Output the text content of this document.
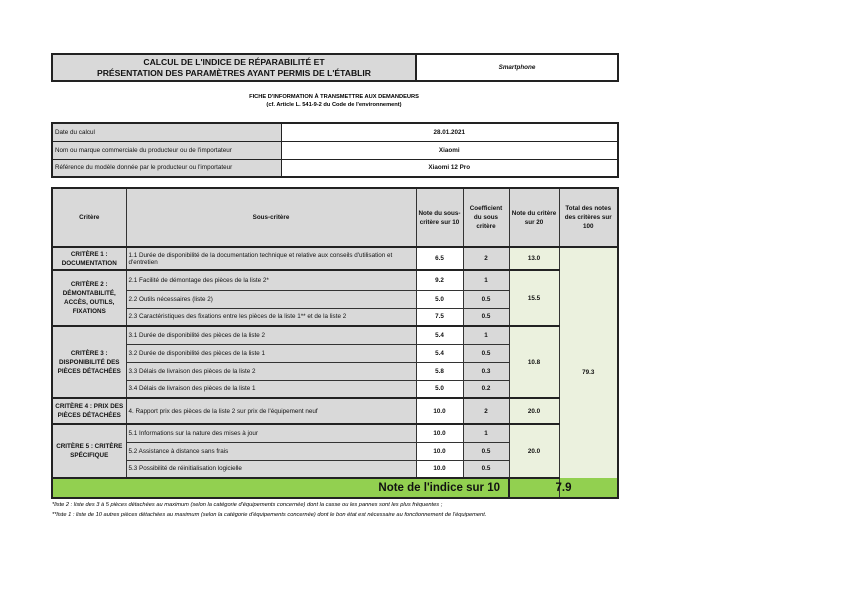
CALCUL DE L'INDICE DE RÉPARABILITÉ ET
PRÉSENTATION DES PARAMÈTRES AYANT PERMIS DE L'ÉTABLIR	Smartphone
FICHE D'INFORMATION À TRANSMETTRE AUX DEMANDEURS
(cf. Article L. 541-9-2 du Code de l'environnement)
Date du calcul	28.01.2021
Nom ou marque commerciale du producteur ou de l'importateur	Xiaomi
Référence du modèle donnée par le producteur ou l'importateur	Xiaomi 12 Pro
Critère	Sous-critère	Note du sous-critère sur 10	Coefficient du sous critère	Note du critère sur 20	Total des notes des critères sur 100
CRITÈRE 1 : DOCUMENTATION	1.1 Durée de disponibilité de la documentation technique et relative aux conseils d'utilisation et d'entretien	6.5	2	13.0	79.3
CRITÈRE 2 : DÉMONTABILITÉ, ACCÈS, OUTILS, FIXATIONS	2.1 Facilité de démontage des pièces de la liste 2*	9.2	1	15.5	
	2.2 Outils nécessaires (liste 2)	5.0	0.5		
	2.3 Caractéristiques des fixations entre les pièces de la liste 1** et de la liste 2	7.5	0.5		
CRITÈRE 3 : DISPONIBILITÉ DES PIÈCES DÉTACHÉES	3.1 Durée de disponibilité des pièces de la liste 2	5.4	1	10.8	
	3.2 Durée de disponibilité des pièces de la liste 1	5.4	0.5		
	3.3 Délais de livraison des pièces de la liste 2	5.8	0.3		
	3.4 Délais de livraison des pièces de la liste 1	5.0	0.2		
CRITÈRE 4 : PRIX DES PIÈCES DÉTACHÉES	4. Rapport prix des pièces de la liste 2 sur prix de l'équipement neuf	10.0	2	20.0	
CRITÈRE 5 : CRITÈRE SPÉCIFIQUE	5.1 Informations sur la nature des mises à jour	10.0	1	20.0	
	5.2 Assistance à distance sans frais	10.0	0.5		
	5.3 Possibilité de réinitialisation logicielle	10.0	0.5		
Note de l'indice sur 10				7.9	
*liste 2 : liste des 3 à 5 pièces détachées au maximum (selon la catégorie d'équipements concernée) dont la casse ou les pannes sont les plus fréquentes ;
**liste 1 : liste de 10 autres pièces détachées au maximum (selon la catégorie d'équipements concernée) dont le bon état est nécessaire au fonctionnement de l'équipement.
